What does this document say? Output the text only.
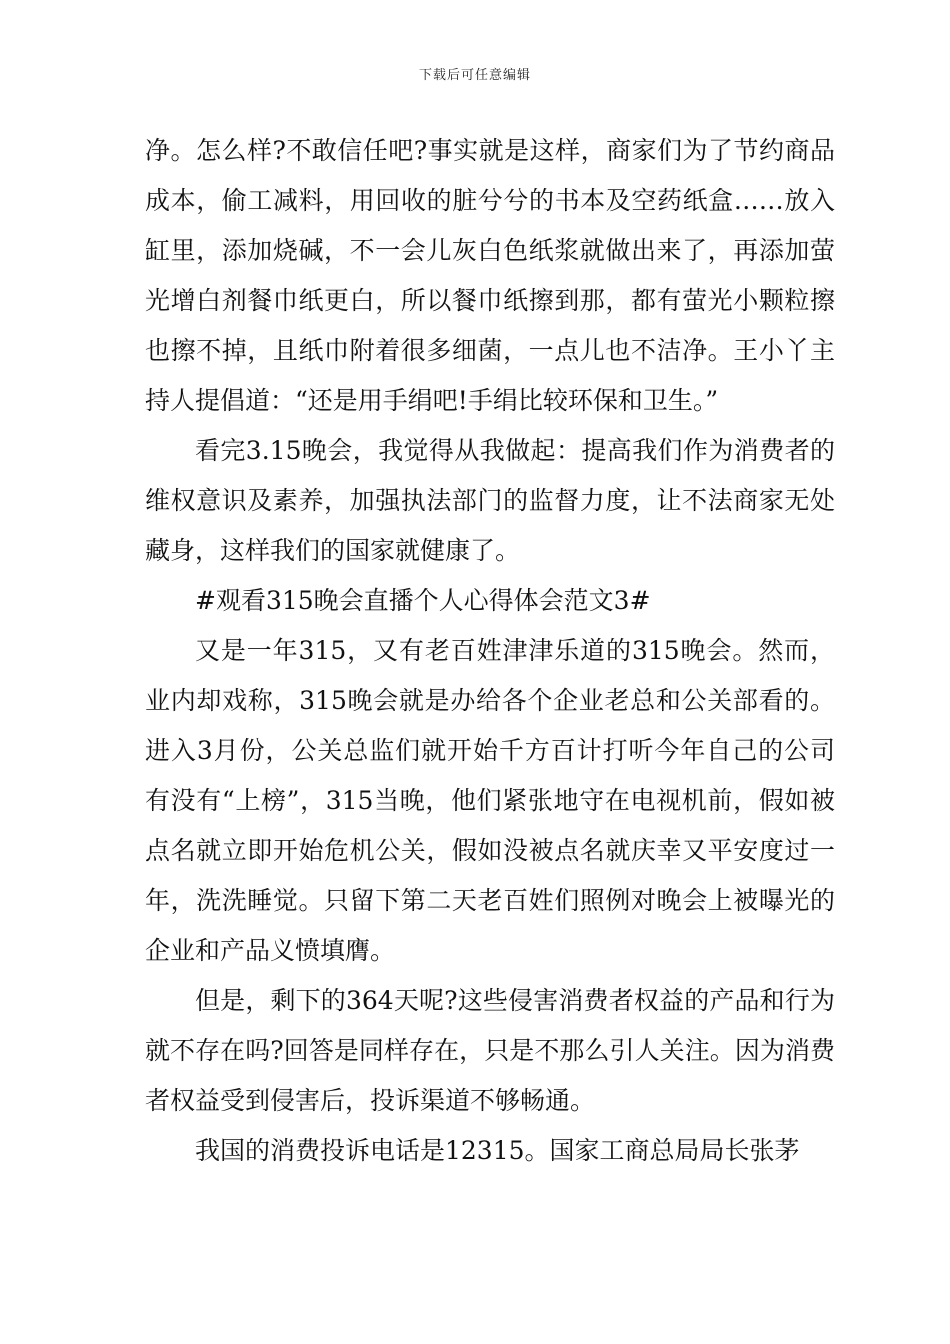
下载后可任意编辑

净。怎么样?不敢信任吧?事实就是这样，商家们为了节约商品成本，偷工减料，用回收的脏兮兮的书本及空药纸盒……放入缸里，添加烧碱，不一会儿灰白色纸浆就做出来了，再添加萤光增白剂餐巾纸更白，所以餐巾纸擦到那，都有萤光小颗粒擦也擦不掉，且纸巾附着很多细菌，一点儿也不洁净。王小丫主持人提倡道：“还是用手绢吧!手绢比较环保和卫生。”

看完3.15晚会，我觉得从我做起：提高我们作为消费者的维权意识及素养，加强执法部门的监督力度，让不法商家无处藏身，这样我们的国家就健康了。

#观看315晚会直播个人心得体会范文3#

又是一年315，又有老百姓津津乐道的315晚会。然而，业内却戏称，315晚会就是办给各个企业老总和公关部看的。进入3月份，公关总监们就开始千方百计打听今年自己的公司有没有“上榜”，315当晚，他们紧张地守在电视机前，假如被点名就立即开始危机公关，假如没被点名就庆幸又平安度过一年，洗洗睡觉。只留下第二天老百姓们照例对晚会上被曝光的企业和产品义愤填膺。

但是，剩下的364天呢?这些侵害消费者权益的产品和行为就不存在吗?回答是同样存在，只是不那么引人关注。因为消费者权益受到侵害后，投诉渠道不够畅通。

我国的消费投诉电话是12315。国家工商总局局长张茅
